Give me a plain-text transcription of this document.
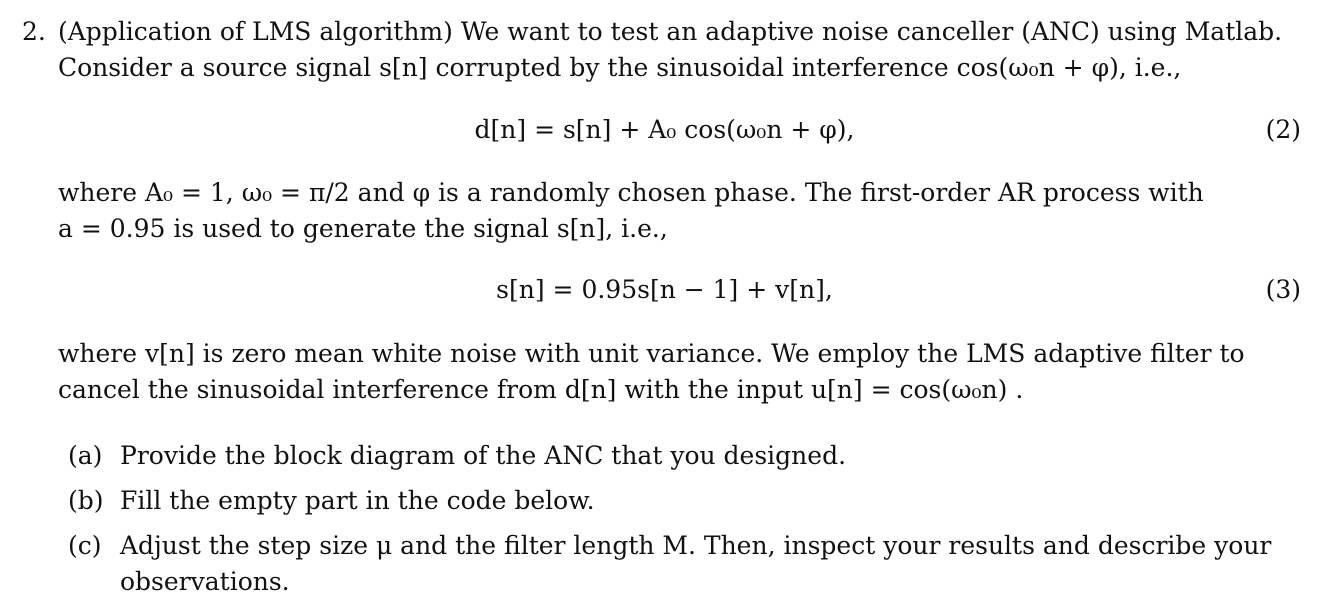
2. (Application of LMS algorithm) We want to test an adaptive noise canceller (ANC) using Matlab.
Consider a source signal s[n] corrupted by the sinusoidal interference cos(ω₀n + φ), i.e.,
d[n] = s[n] + A₀ cos(ω₀n + φ),	(2)
where A₀ = 1, ω₀ = π/2 and φ is a randomly chosen phase. The first-order AR process with
a = 0.95 is used to generate the signal s[n], i.e.,
s[n] = 0.95s[n − 1] + v[n],	(3)
where v[n] is zero mean white noise with unit variance. We employ the LMS adaptive filter to
cancel the sinusoidal interference from d[n] with the input u[n] = cos(ω₀n) .
(a) Provide the block diagram of the ANC that you designed.
(b) Fill the empty part in the code below.
(c) Adjust the step size μ and the filter length M. Then, inspect your results and describe your observations.
